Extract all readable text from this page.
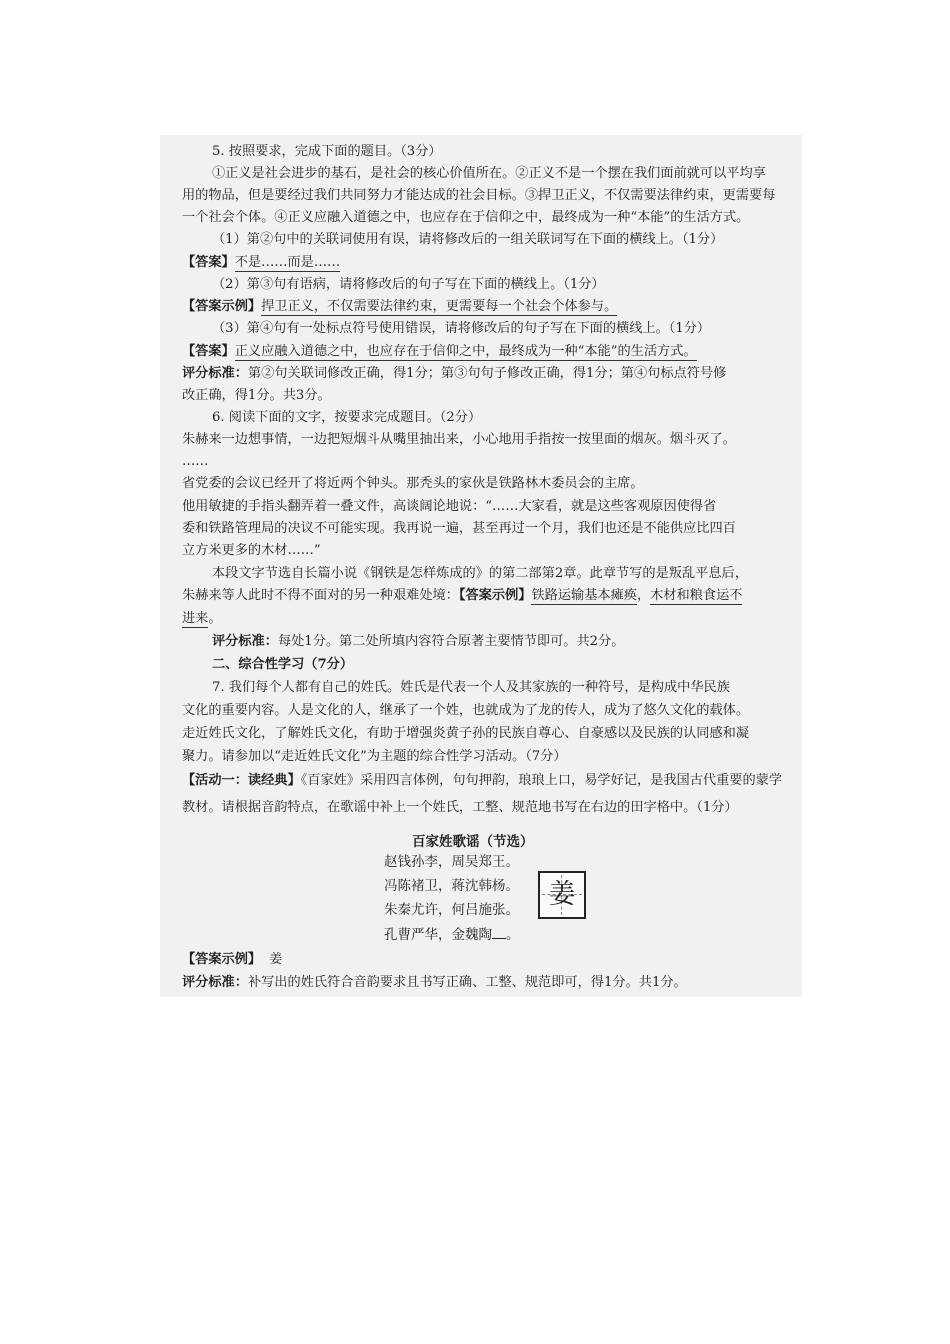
5. 按照要求，完成下面的题目。（3分）
①正义是社会进步的基石，是社会的核心价值所在。②正义不是一个摆在我们面前就可以平均享
用的物品，但是要经过我们共同努力才能达成的社会目标。③捍卫正义，不仅需要法律约束，更需要每
一个社会个体。④正义应融入道德之中，也应存在于信仰之中，最终成为一种“本能”的生活方式。
（1）第②句中的关联词使用有误，请将修改后的一组关联词写在下面的横线上。（1分）
【答案】不是……而是……
（2）第③句有语病，请将修改后的句子写在下面的横线上。（1分）
【答案示例】捍卫正义，不仅需要法律约束，更需要每一个社会个体参与。
（3）第④句有一处标点符号使用错误，请将修改后的句子写在下面的横线上。（1分）
【答案】正义应融入道德之中，也应存在于信仰之中，最终成为一种“本能”的生活方式。
评分标准：第②句关联词修改正确，得1分；第③句句子修改正确，得1分；第④句标点符号修
改正确，得1分。共3分。
6. 阅读下面的文字，按要求完成题目。（2分）
朱赫来一边想事情，一边把短烟斗从嘴里抽出来，小心地用手指按一按里面的烟灰。烟斗灭了。
……
省党委的会议已经开了将近两个钟头。那秃头的家伙是铁路林木委员会的主席。
他用敏捷的手指头翻弄着一叠文件，高谈阔论地说：“……大家看，就是这些客观原因使得省
委和铁路管理局的决议不可能实现。我再说一遍，甚至再过一个月，我们也还是不能供应比四百
立方米更多的木材……”
本段文字节选自长篇小说《钢铁是怎样炼成的》的第二部第2章。此章节写的是叛乱平息后，
朱赫来等人此时不得不面对的另一种艰难处境：【答案示例】铁路运输基本瘫痪，木材和粮食运不
进来。
评分标准：每处1分。第二处所填内容符合原著主要情节即可。共2分。
二、综合性学习（7分）
7. 我们每个人都有自己的姓氏。姓氏是代表一个人及其家族的一种符号，是构成中华民族
文化的重要内容。人是文化的人，继承了一个姓，也就成为了龙的传人，成为了悠久文化的载体。
走近姓氏文化，了解姓氏文化，有助于增强炎黄子孙的民族自尊心、自豪感以及民族的认同感和凝
聚力。请参加以“走近姓氏文化”为主题的综合性学习活动。（7分）
【活动一：读经典】《百家姓》采用四言体例，句句押韵，琅琅上口，易学好记，是我国古代重要的蒙学
教材。请根据音韵特点，在歌谣中补上一个姓氏，工整、规范地书写在右边的田字格中。（1分）
百家姓歌谣（节选）
赵钱孙李，周吴郑王。
冯陈褚卫，蒋沈韩杨。
朱秦尤许，何吕施张。
孔曹严华，金魏陶 。
姜
【答案示例】 姜
评分标准：补写出的姓氏符合音韵要求且书写正确、工整、规范即可，得1分。共1分。
